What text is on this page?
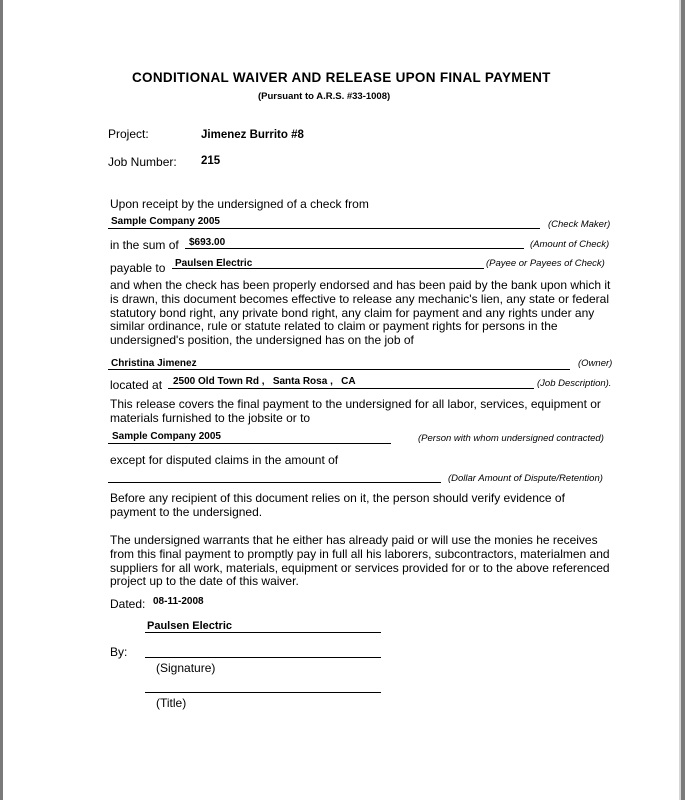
CONDITIONAL WAIVER AND RELEASE UPON FINAL PAYMENT
(Pursuant to A.R.S. #33-1008)
Project:	Jimenez Burrito #8
Job Number: 215
Upon receipt by the undersigned of a check from
Sample Company 2005	(Check Maker)
in the sum of $693.00	(Amount of Check)
payable to Paulsen Electric	(Payee or Payees of Check)
and when the check has been properly endorsed and has been paid by the bank upon which it is drawn, this document becomes effective to release any mechanic's lien, any state or federal statutory bond right, any private bond right, any claim for payment and any rights under any similar ordinance, rule or statute related to claim or payment rights for persons in the undersigned's position, the undersigned has on the job of
Christina Jimenez	(Owner)
located at 2500 Old Town Rd ,   Santa Rosa ,   CA	(Job Description).
This release covers the final payment to the undersigned for all labor, services, equipment or materials furnished to the jobsite or to
Sample Company 2005	(Person with whom undersigned contracted)
except for disputed claims in the amount of
(Dollar Amount of Dispute/Retention)
Before any recipient of this document relies on it, the person should verify evidence of payment to the undersigned.
The undersigned warrants that he either has already paid or will use the monies he receives from this final payment to promptly pay in full all his laborers, subcontractors, materialmen and suppliers for all work, materials, equipment or services provided for or to the above referenced project up to the date of this waiver.
Dated: 08-11-2008
Paulsen Electric
By:
(Signature)
(Title)
